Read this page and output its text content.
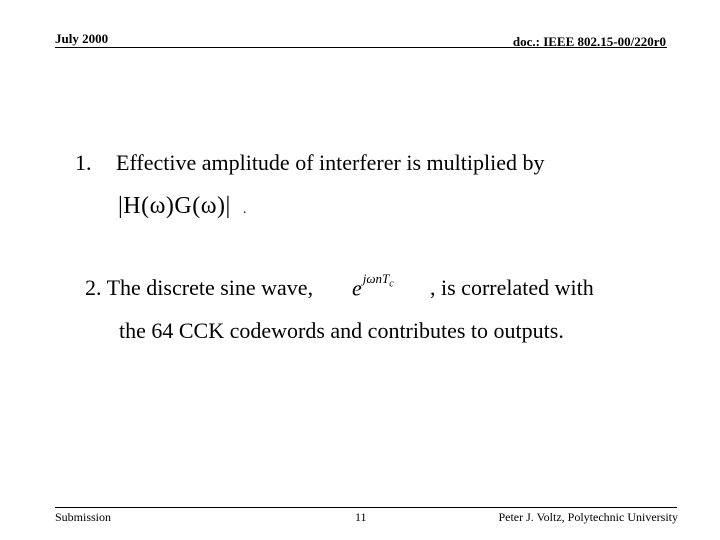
July 2000	doc.: IEEE 802.15-00/220r0
1. Effective amplitude of interferer is multiplied by
|H(ω)G(ω)| .
2. The discrete sine wave, $e^{j\omega nT_c}$ , is correlated with
the 64 CCK codewords and contributes to outputs.
Submission	11	Peter J. Voltz, Polytechnic University
